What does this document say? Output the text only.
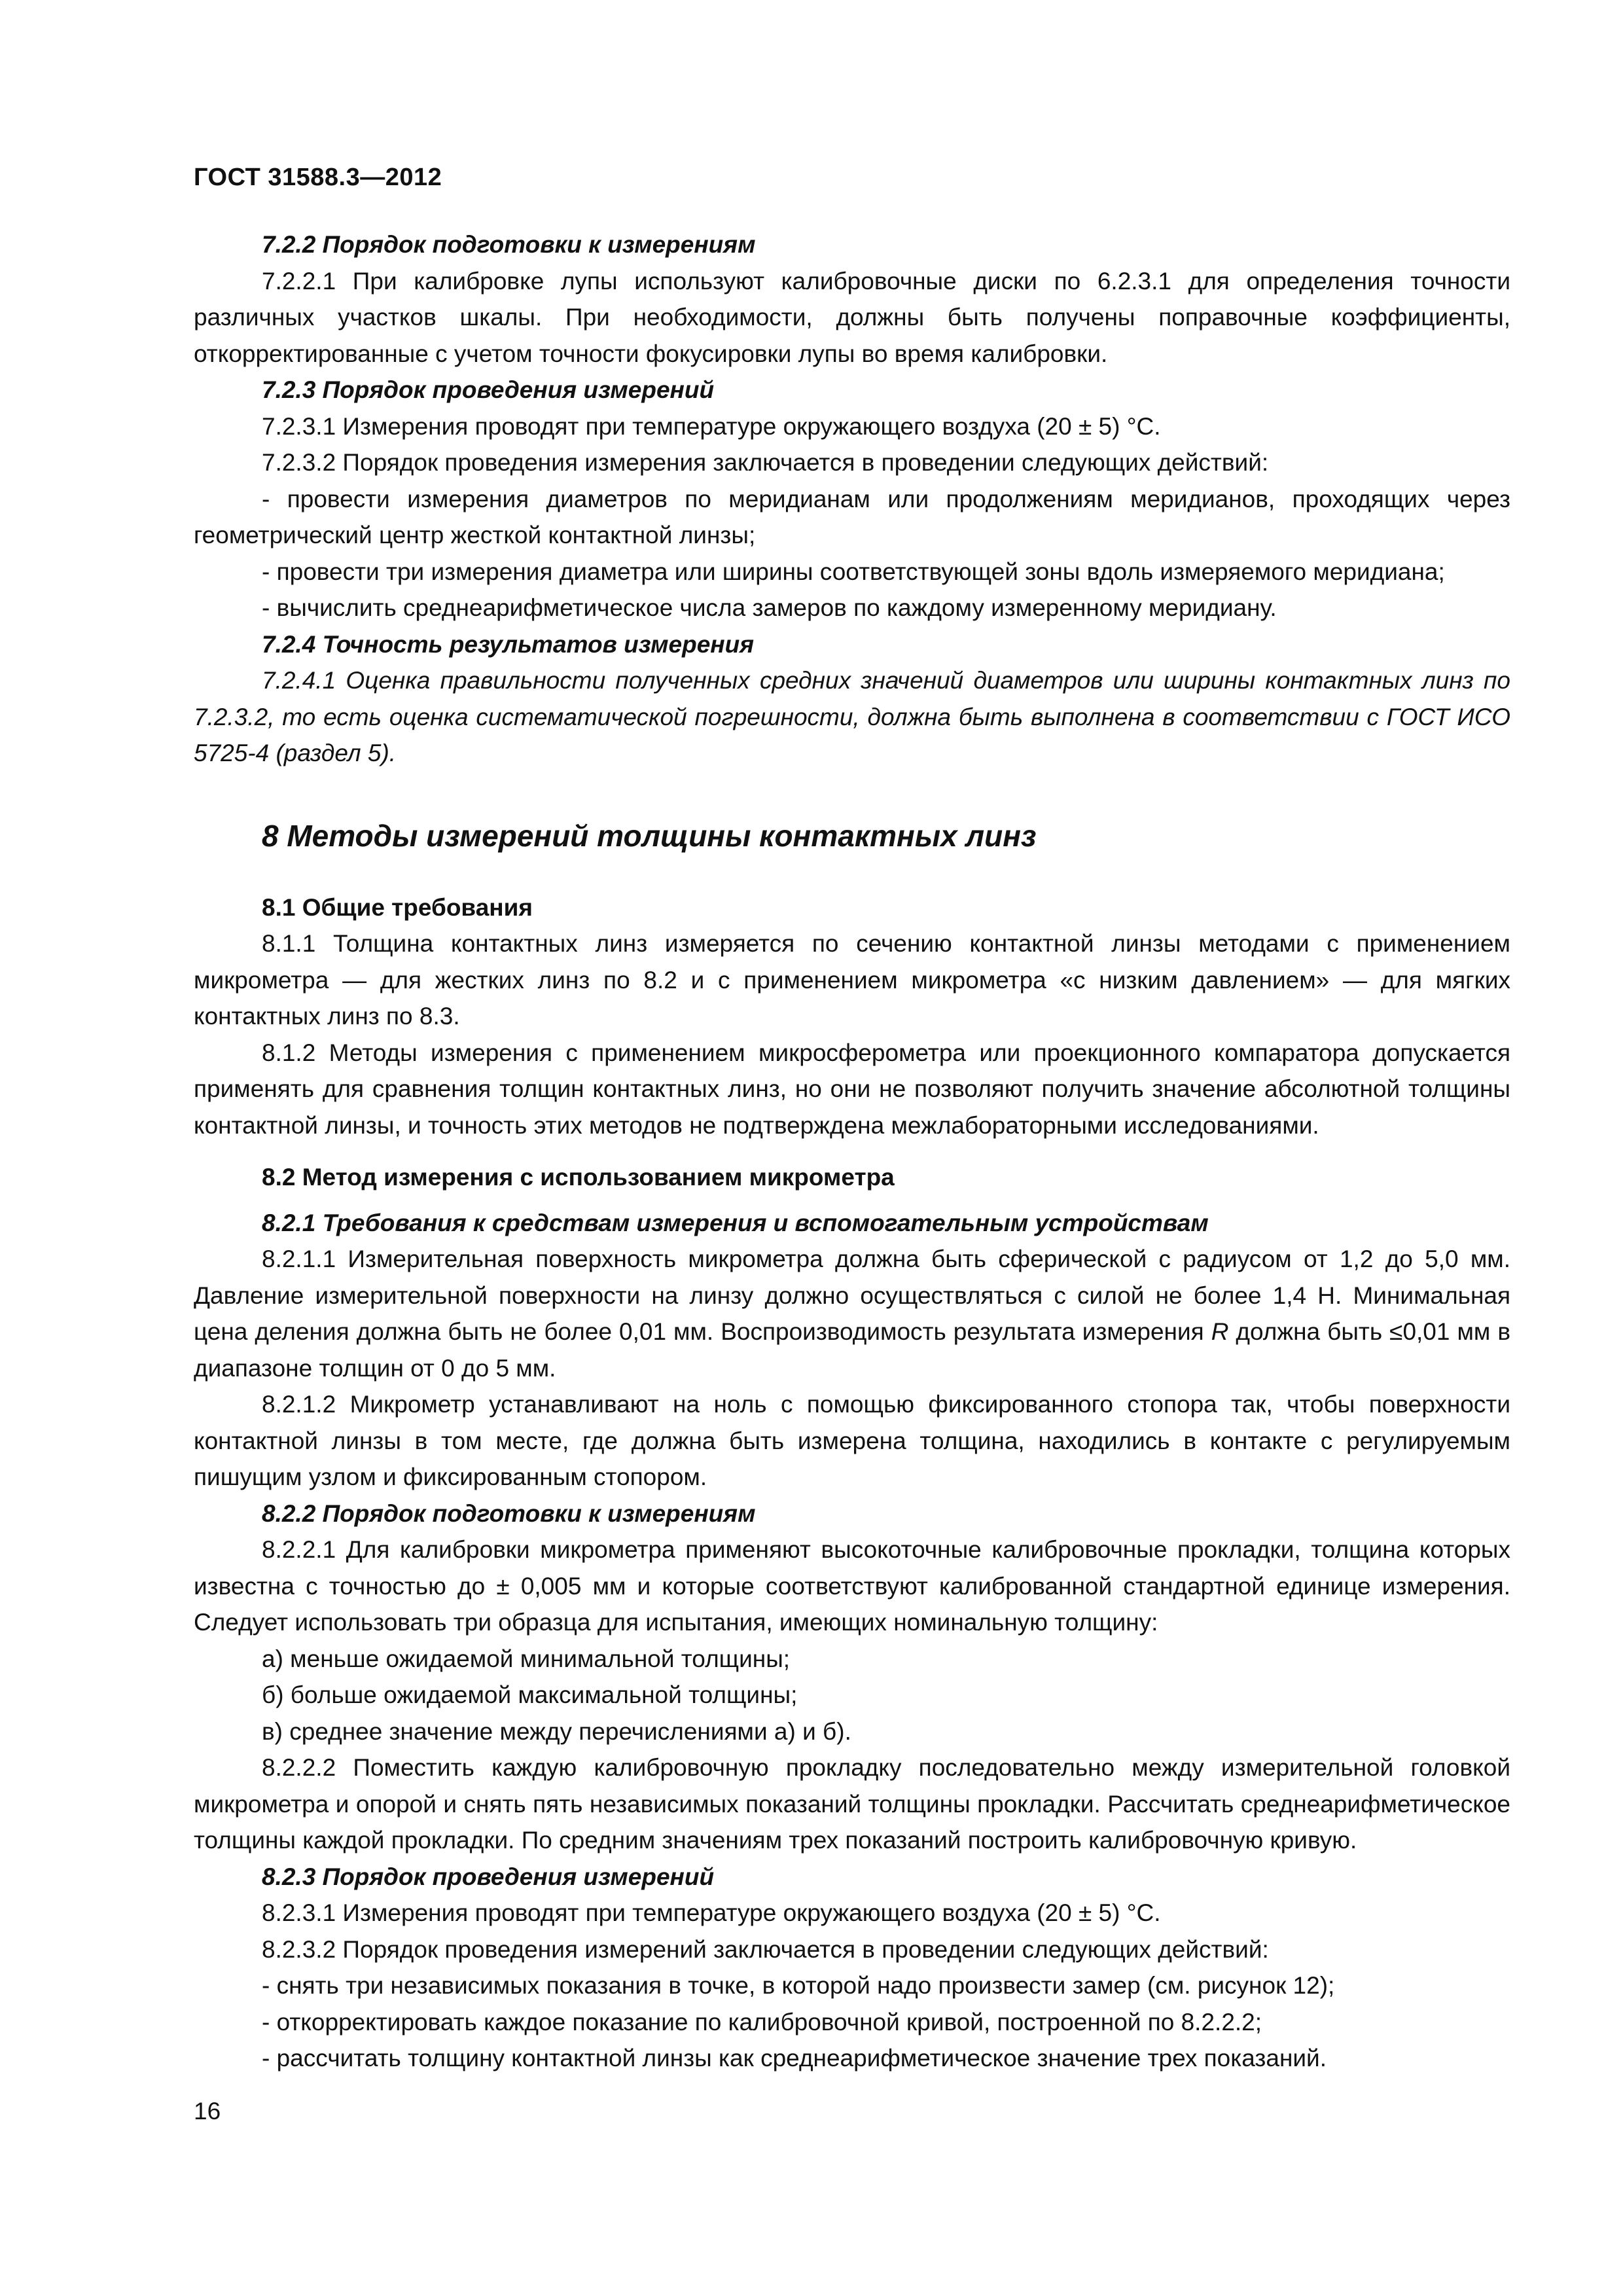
ГОСТ 31588.3—2012

7.2.2 Порядок подготовки к измерениям

7.2.2.1 При калибровке лупы используют калибровочные диски по 6.2.3.1 для определения точности различных участков шкалы. При необходимости, должны быть получены поправочные коэффициенты, откорректированные с учетом точности фокусировки лупы во время калибровки.

7.2.3 Порядок проведения измерений

7.2.3.1 Измерения проводят при температуре окружающего воздуха (20 ± 5) °С.

7.2.3.2 Порядок проведения измерения заключается в проведении следующих действий:

- провести измерения диаметров по меридианам или продолжениям меридианов, проходящих через геометрический центр жесткой контактной линзы;

- провести три измерения диаметра или ширины соответствующей зоны вдоль измеряемого меридиана;

- вычислить среднеарифметическое числа замеров по каждому измеренному меридиану.

7.2.4 Точность результатов измерения

7.2.4.1 Оценка правильности полученных средних значений диаметров или ширины контактных линз по 7.2.3.2, то есть оценка систематической погрешности, должна быть выполнена в соответствии с ГОСТ ИСО 5725-4 (раздел 5).

8 Методы измерений толщины контактных линз

8.1 Общие требования

8.1.1 Толщина контактных линз измеряется по сечению контактной линзы методами с применением микрометра — для жестких линз по 8.2 и с применением микрометра «с низким давлением» — для мягких контактных линз по 8.3.

8.1.2 Методы измерения с применением микросферометра или проекционного компаратора допускается применять для сравнения толщин контактных линз, но они не позволяют получить значение абсолютной толщины контактной линзы, и точность этих методов не подтверждена межлабораторными исследованиями.

8.2 Метод измерения с использованием микрометра

8.2.1 Требования к средствам измерения и вспомогательным устройствам

8.2.1.1 Измерительная поверхность микрометра должна быть сферической с радиусом от 1,2 до 5,0 мм. Давление измерительной поверхности на линзу должно осуществляться с силой не более 1,4 Н. Минимальная цена деления должна быть не более 0,01 мм. Воспроизводимость результата измерения R должна быть ≤0,01 мм в диапазоне толщин от 0 до 5 мм.

8.2.1.2 Микрометр устанавливают на ноль с помощью фиксированного стопора так, чтобы поверхности контактной линзы в том месте, где должна быть измерена толщина, находились в контакте с регулируемым пишущим узлом и фиксированным стопором.

8.2.2 Порядок подготовки к измерениям

8.2.2.1 Для калибровки микрометра применяют высокоточные калибровочные прокладки, толщина которых известна с точностью до ± 0,005 мм и которые соответствуют калиброванной стандартной единице измерения. Следует использовать три образца для испытания, имеющих номинальную толщину:

а) меньше ожидаемой минимальной толщины;

б) больше ожидаемой максимальной толщины;

в) среднее значение между перечислениями а) и б).

8.2.2.2 Поместить каждую калибровочную прокладку последовательно между измерительной головкой микрометра и опорой и снять пять независимых показаний толщины прокладки. Рассчитать среднеарифметическое толщины каждой прокладки. По средним значениям трех показаний построить калибровочную кривую.

8.2.3 Порядок проведения измерений

8.2.3.1 Измерения проводят при температуре окружающего воздуха (20 ± 5) °С.

8.2.3.2 Порядок проведения измерений заключается в проведении следующих действий:

- снять три независимых показания в точке, в которой надо произвести замер (см. рисунок 12);

- откорректировать каждое показание по калибровочной кривой, построенной по 8.2.2.2;

- рассчитать толщину контактной линзы как среднеарифметическое значение трех показаний.

16
